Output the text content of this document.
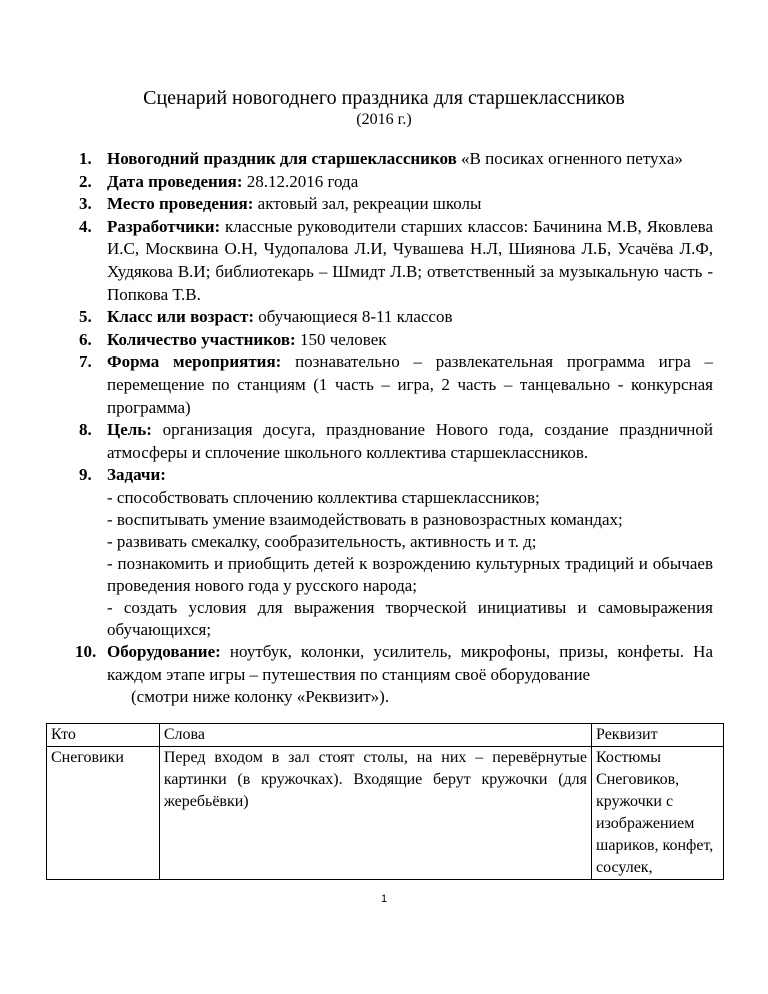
Сценарий новогоднего праздника для старшеклассников
(2016 г.)
1. Новогодний праздник для старшеклассников «В посиках огненного петуха»
2. Дата проведения: 28.12.2016 года
3. Место проведения: актовый зал, рекреации школы
4. Разработчики: классные руководители старших классов: Бачинина М.В, Яковлева И.С, Москвина О.Н, Чудопалова Л.И, Чувашева Н.Л, Шиянова Л.Б, Усачёва Л.Ф, Худякова В.И; библиотекарь – Шмидт Л.В; ответственный за музыкальную часть - Попкова Т.В.
5. Класс или возраст: обучающиеся 8-11 классов
6. Количество участников: 150 человек
7. Форма мероприятия: познавательно – развлекательная программа игра – перемещение по станциям (1 часть – игра, 2 часть – танцевально - конкурсная программа)
8. Цель: организация досуга, празднование Нового года, создание праздничной атмосферы и сплочение школьного коллектива старшеклассников.
9. Задачи:
- способствовать сплочению коллектива старшеклассников;
- воспитывать умение взаимодействовать в разновозрастных командах;
- развивать смекалку, сообразительность, активность и т. д;
- познакомить и приобщить детей к возрождению культурных традиций и обычаев проведения нового года у русского народа;
- создать условия для выражения творческой инициативы и самовыражения обучающихся;
10. Оборудование: ноутбук, колонки, усилитель, микрофоны, призы, конфеты. На каждом этапе игры – путешествия по станциям своё оборудование
(смотри ниже колонку «Реквизит»).
Кто	Слова	Реквизит
Снеговики	Перед входом в зал стоят столы, на них – перевёрнутые картинки (в кружочках). Входящие берут кружочки (для жеребьёвки)	Костюмы Снеговиков, кружочки с изображением шариков, конфет, сосулек,
1
